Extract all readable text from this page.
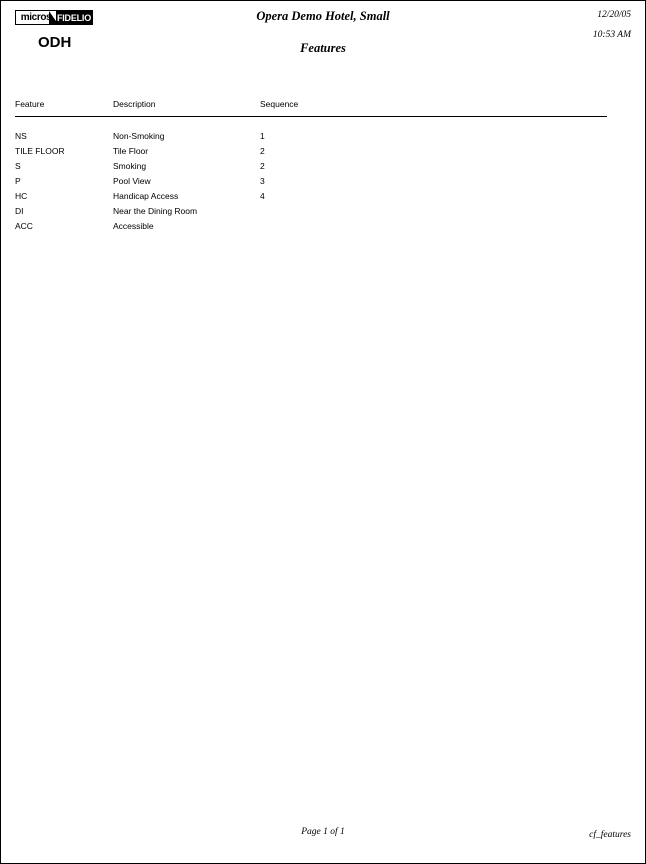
micros FIDELIO
ODH
Opera Demo Hotel, Small
Features
12/20/05
10:53 AM
Feature	Description	Sequence
NS	Non-Smoking	1
TILE FLOOR	Tile Floor	2
S	Smoking	2
P	Pool View	3
HC	Handicap Access	4
DI	Near the Dining Room	
ACC	Accessible	
Page 1 of 1	cf_features
